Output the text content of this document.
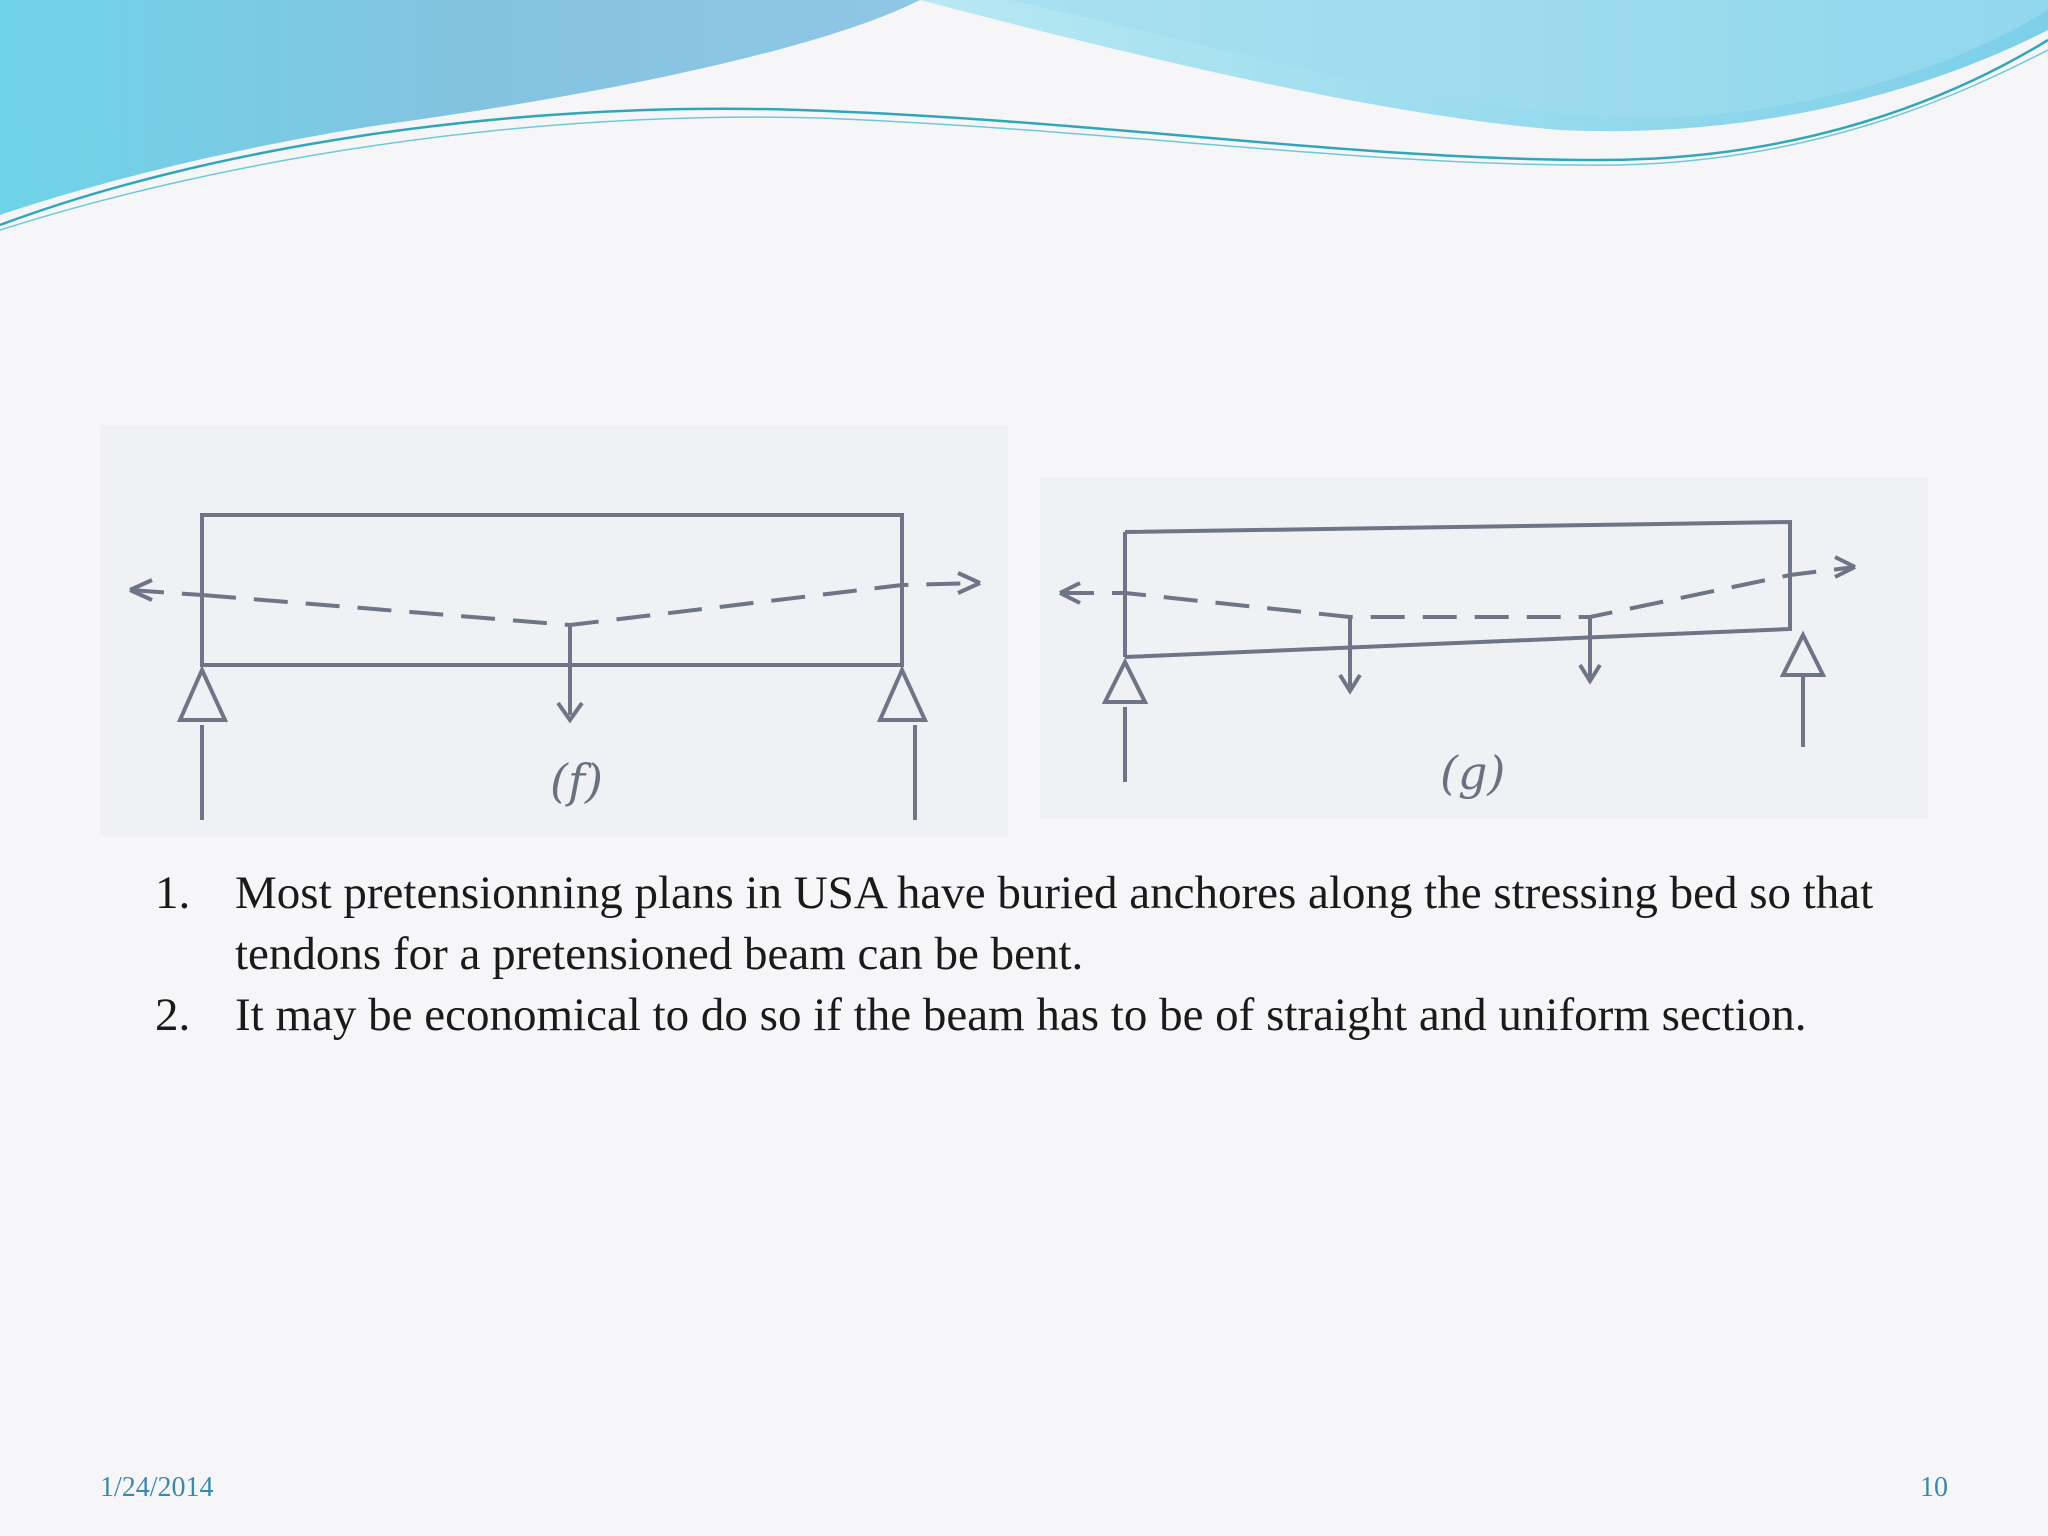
(f)	(g)
1. Most pretensionning plans in USA have buried anchores along the stressing bed so that tendons for a pretensioned beam can be bent.
2. It may be economical to do so if the beam has to be of straight and uniform section.
1/24/2014	10
